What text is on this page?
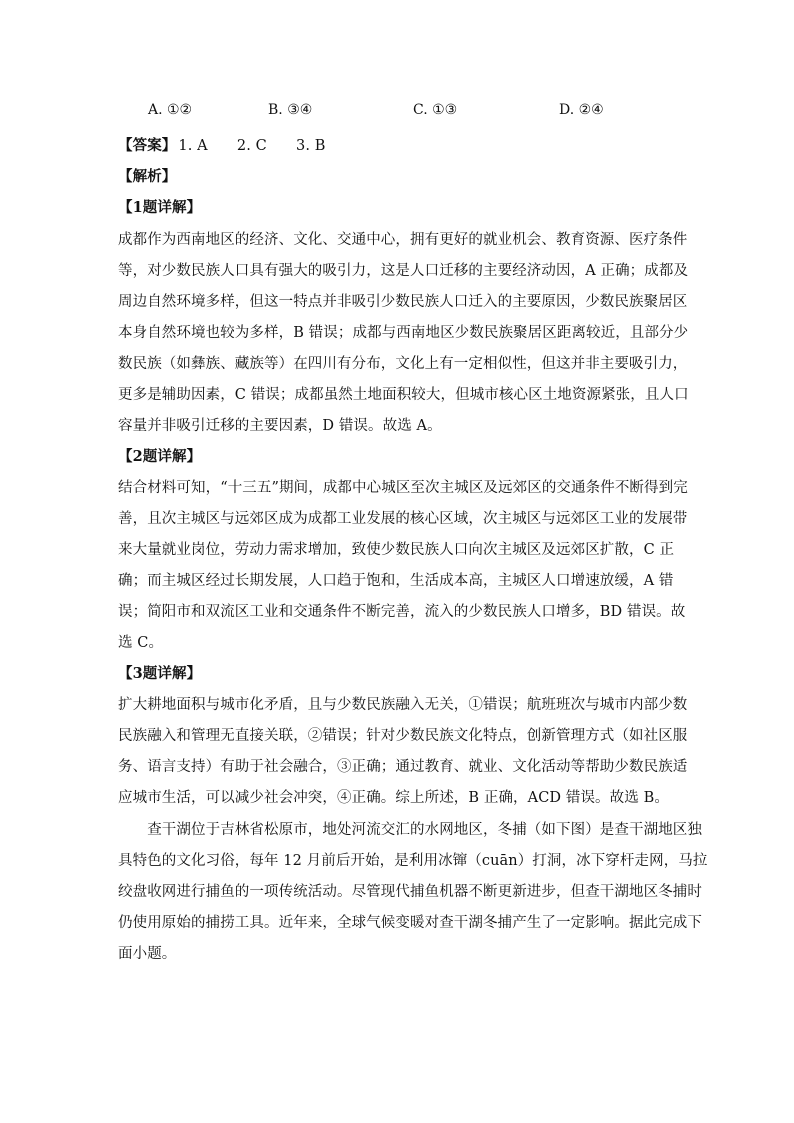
A. ①②	B. ③④	C. ①③	D. ②④
【答案】 1. A　　2. C　　3. B
【解析】
【1题详解】
成都作为西南地区的经济、文化、交通中心，拥有更好的就业机会、教育资源、医疗条件
等，对少数民族人口具有强大的吸引力，这是人口迁移的主要经济动因，A 正确；成都及
周边自然环境多样，但这一特点并非吸引少数民族人口迁入的主要原因，少数民族聚居区
本身自然环境也较为多样，B 错误；成都与西南地区少数民族聚居区距离较近，且部分少
数民族（如彝族、藏族等）在四川有分布，文化上有一定相似性，但这并非主要吸引力，
更多是辅助因素，C 错误；成都虽然土地面积较大，但城市核心区土地资源紧张，且人口
容量并非吸引迁移的主要因素，D 错误。故选 A。
【2题详解】
结合材料可知，“十三五”期间，成都中心城区至次主城区及远郊区的交通条件不断得到完
善，且次主城区与远郊区成为成都工业发展的核心区域，次主城区与远郊区工业的发展带
来大量就业岗位，劳动力需求增加，致使少数民族人口向次主城区及远郊区扩散，C 正
确；而主城区经过长期发展，人口趋于饱和，生活成本高，主城区人口增速放缓，A 错
误；简阳市和双流区工业和交通条件不断完善，流入的少数民族人口增多，BD 错误。故
选 C。
【3题详解】
扩大耕地面积与城市化矛盾，且与少数民族融入无关，①错误；航班班次与城市内部少数
民族融入和管理无直接关联，②错误；针对少数民族文化特点，创新管理方式（如社区服
务、语言支持）有助于社会融合，③正确；通过教育、就业、文化活动等帮助少数民族适
应城市生活，可以减少社会冲突，④正确。综上所述，B 正确，ACD 错误。故选 B。
　　查干湖位于吉林省松原市，地处河流交汇的水网地区，冬捕（如下图）是查干湖地区独
具特色的文化习俗，每年 12 月前后开始，是利用冰镩（cuān）打洞，冰下穿杆走网，马拉
绞盘收网进行捕鱼的一项传统活动。尽管现代捕鱼机器不断更新进步，但查干湖地区冬捕时
仍使用原始的捕捞工具。近年来，全球气候变暖对查干湖冬捕产生了一定影响。据此完成下
面小题。
